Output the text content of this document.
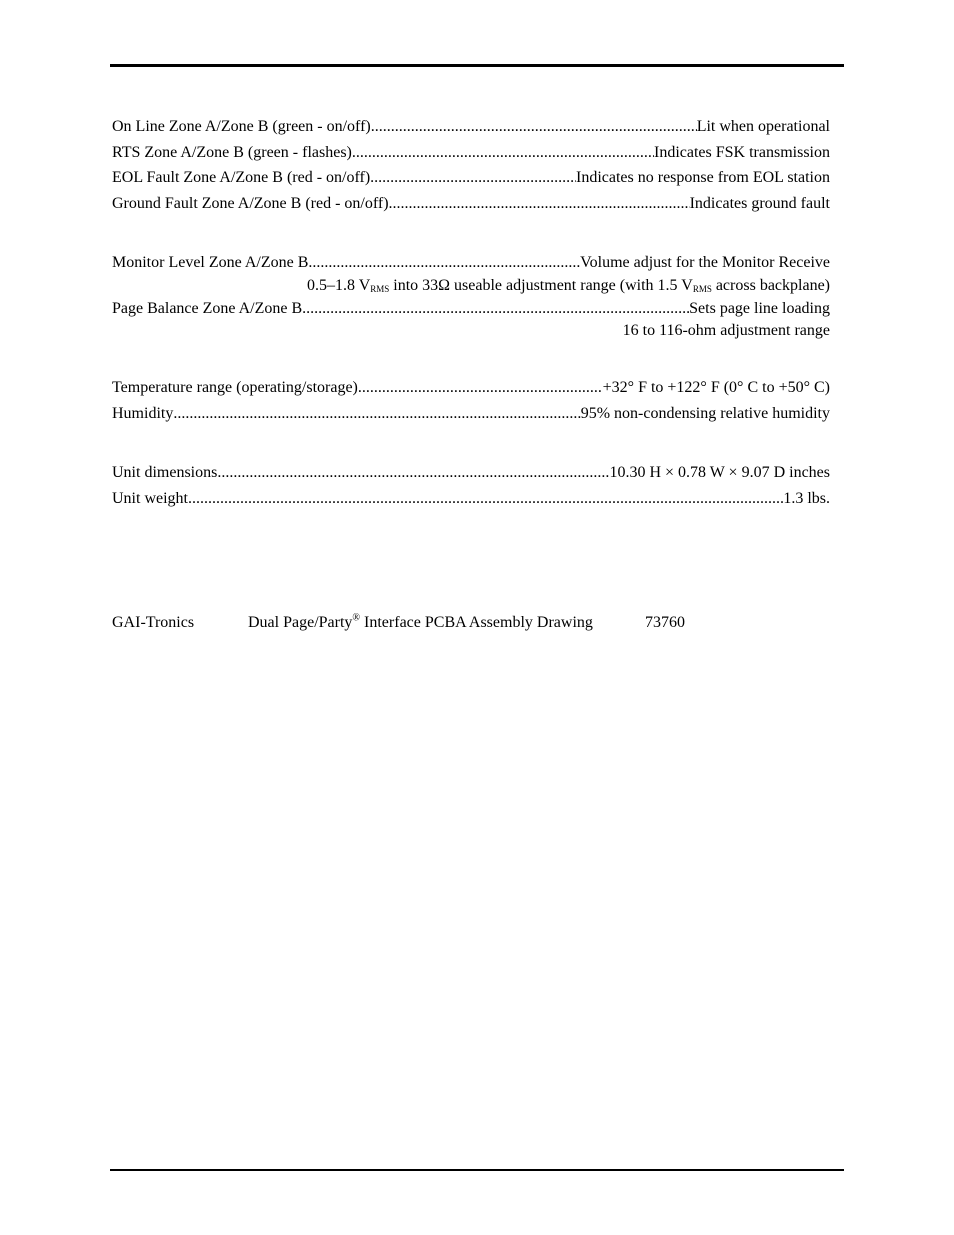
On Line Zone A/Zone B (green - on/off) .....	Lit when operational
RTS Zone A/Zone B (green - flashes) .....	Indicates FSK transmission
EOL Fault Zone A/Zone B (red - on/off) .....	Indicates no response from EOL station
Ground Fault Zone A/Zone B (red - on/off) .....	Indicates ground fault
Monitor Level Zone A/Zone B .....	Volume adjust for the Monitor Receive
0.5–1.8 $V_{RMS}$ into 33Ω useable adjustment range (with 1.5 $V_{RMS}$ across backplane)
Page Balance Zone A/Zone B .....	Sets page line loading
16 to 116-ohm adjustment range
Temperature range (operating/storage) .....	+32° F to +122° F (0° C to +50° C)
Humidity .....	95% non-condensing relative humidity
Unit dimensions .....	10.30 H × 0.78 W × 9.07 D inches
Unit weight .....	1.3 lbs.
GAI-Tronics	Dual Page/Party® Interface PCBA Assembly Drawing	73760
